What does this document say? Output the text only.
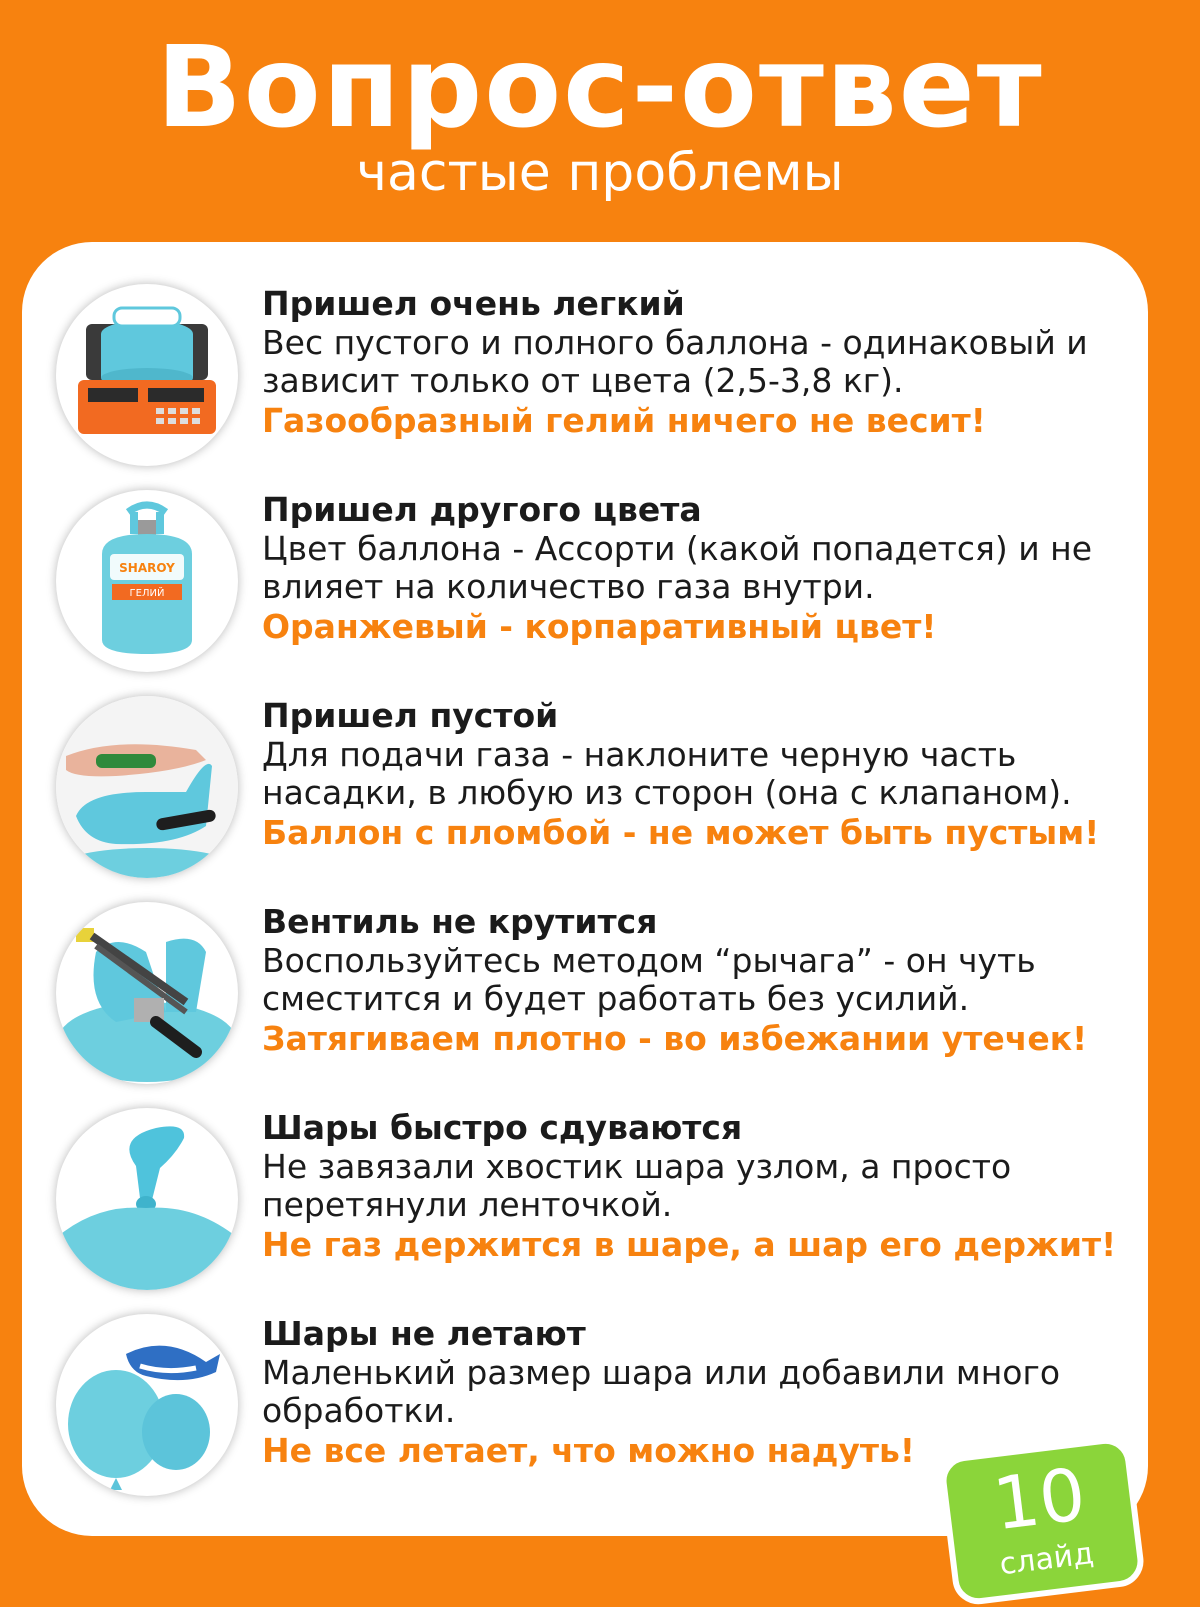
Вопрос-ответ
частые проблемы
Пришел очень легкий
Вес пустого и полного баллона - одинаковый и зависит только от цвета (2,5-3,8 кг).
Газообразный гелий ничего не весит!
SHAROY
ГЕЛИЙ
Пришел другого цвета
Цвет баллона - Ассорти (какой попадется) и не влияет на количество газа внутри.
Оранжевый - корпаративный цвет!
Пришел пустой
Для подачи газа - наклоните черную часть насадки, в любую из сторон (она с клапаном).
Баллон с пломбой - не может быть пустым!
Вентиль не крутится
Воспользуйтесь методом “рычага” - он чуть сместится и будет работать без усилий.
Затягиваем плотно - во избежании утечек!
Шары быстро сдуваются
Не завязали хвостик шара узлом, а просто перетянули ленточкой.
Не газ держится в шаре, а шар его держит!
Шары не летают
Маленький размер шара или добавили много обработки.
Не все летает, что можно надуть!
10
слайд
